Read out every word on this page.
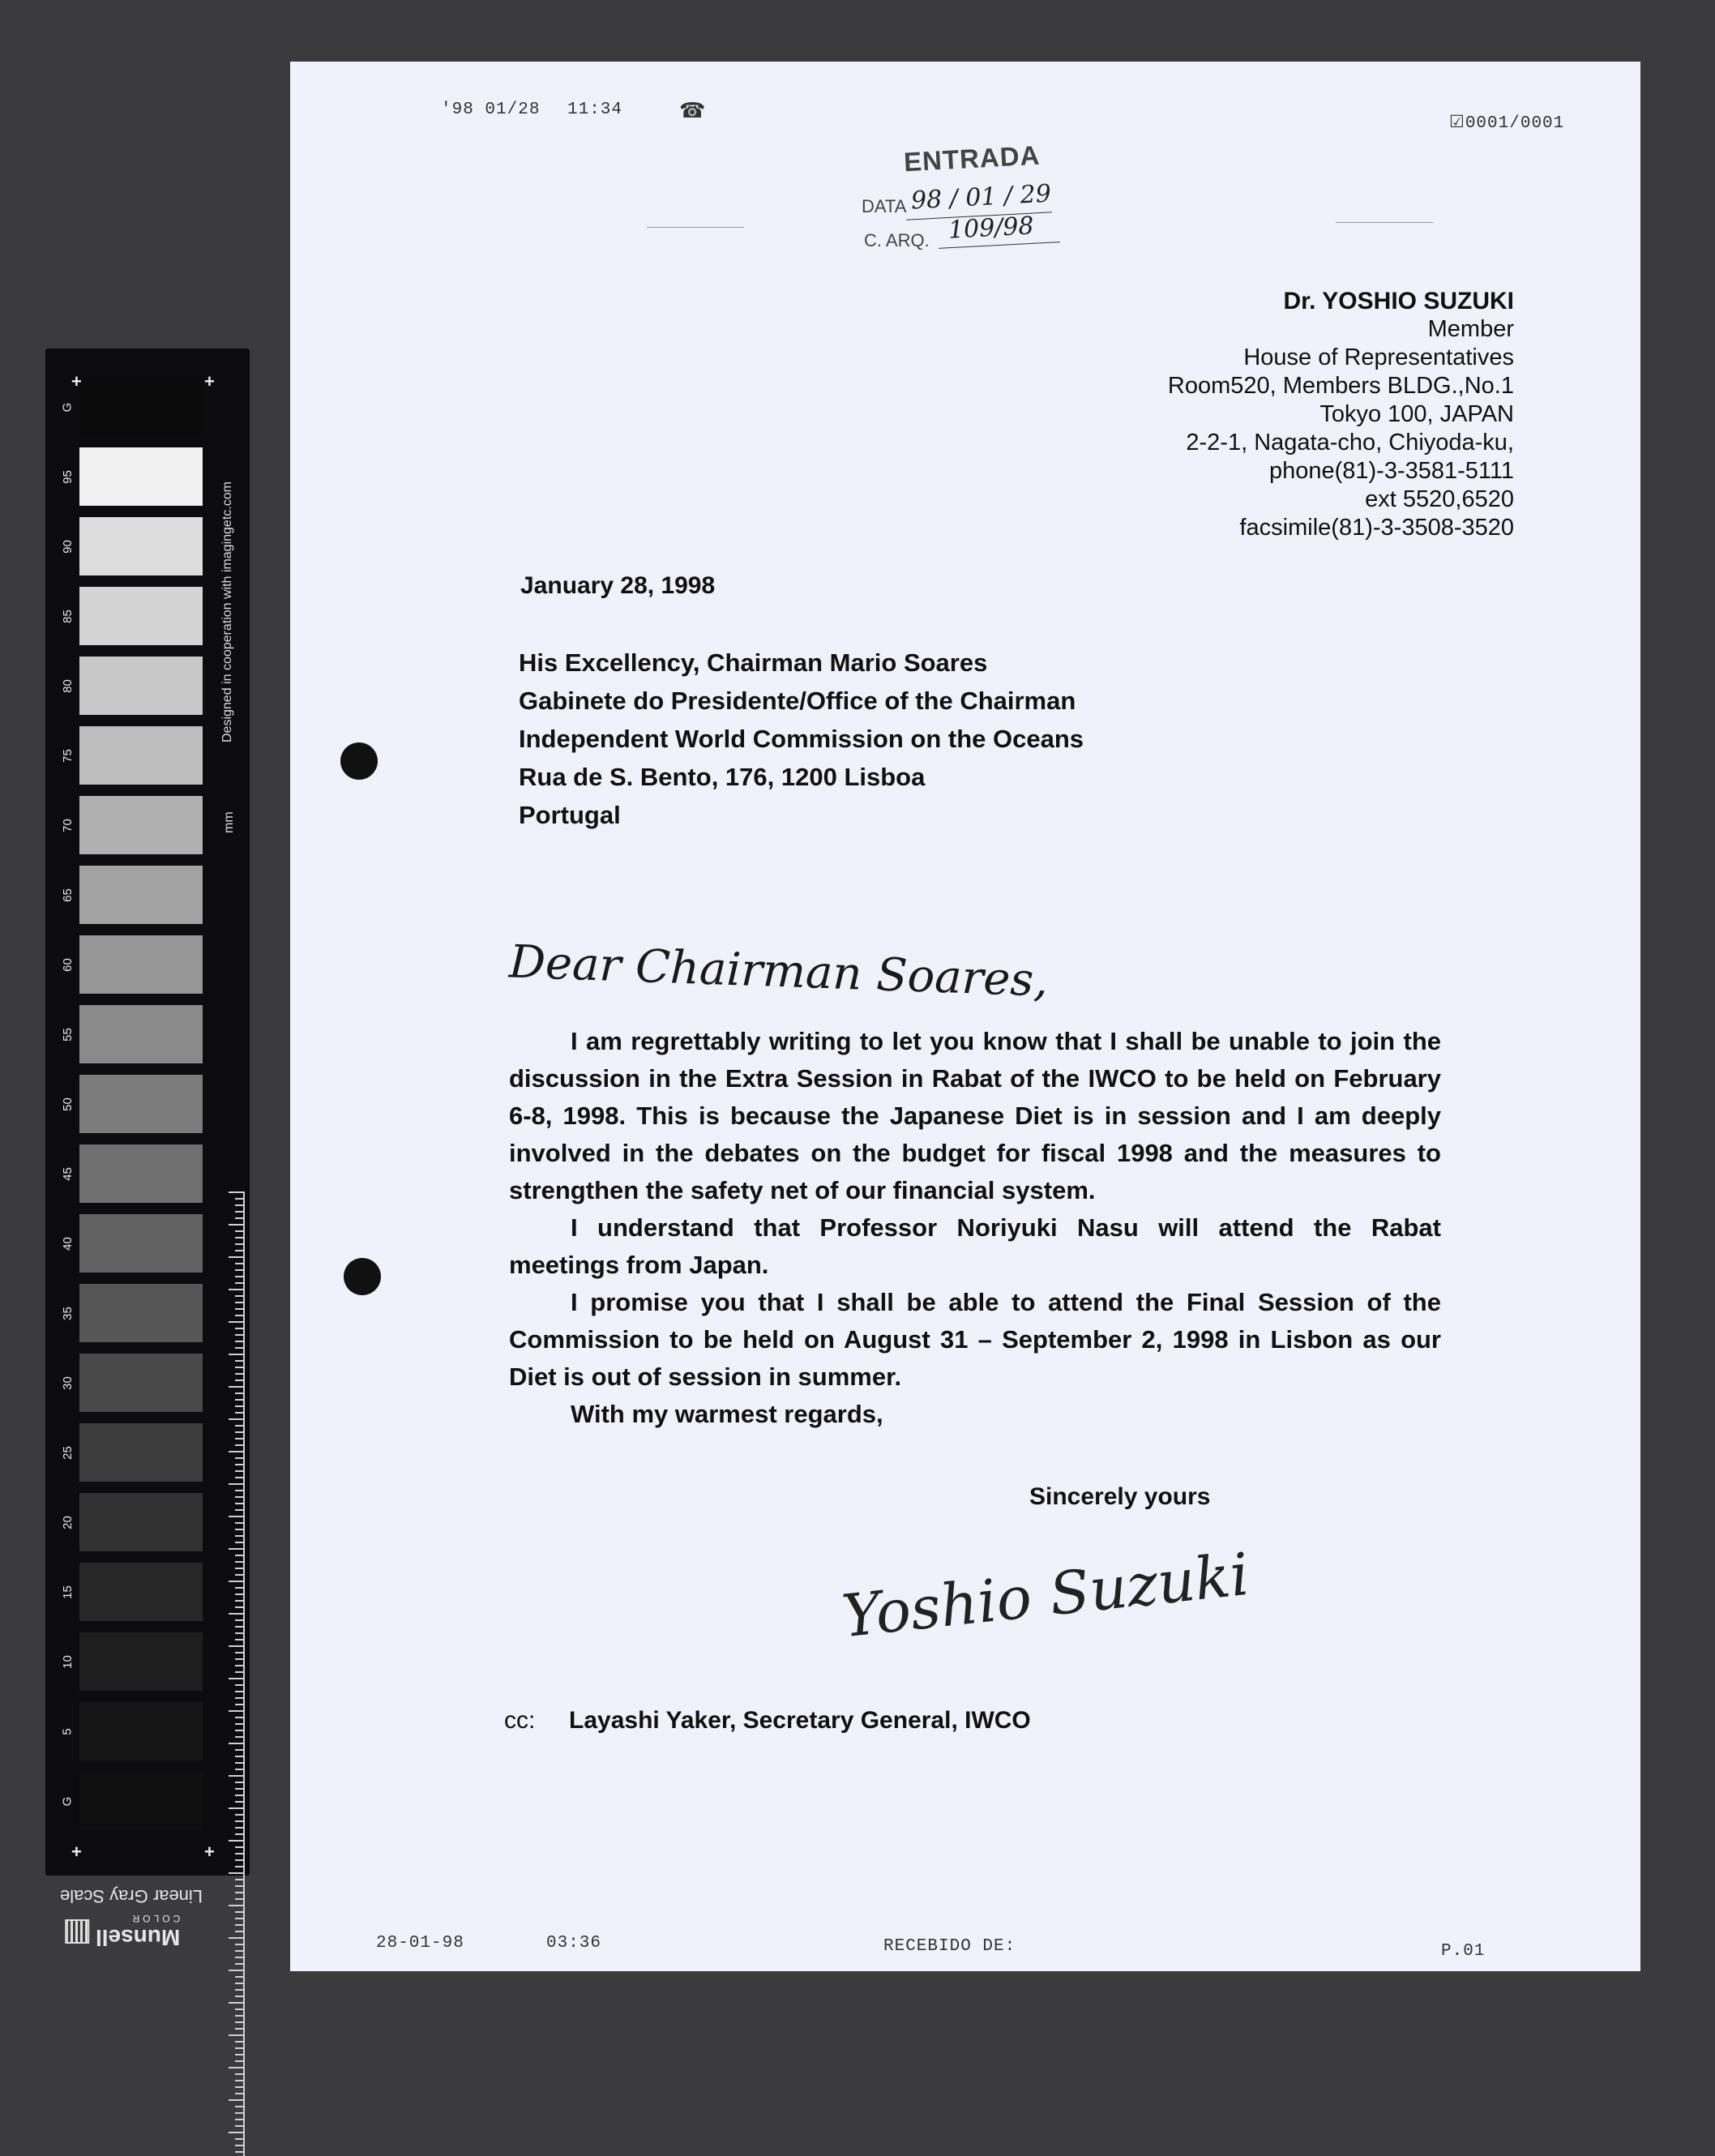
G
95
90
85
80
75
70
65
60
55
50
45
40
35
30
25
20
15
10
5
G
+	+
+	+
Designed in cooperation with imagingetc.com
mm
Linear Gray Scale
Munsell
COLOR
'98 01/28 11:34	☎	☑0001/0001
ENTRADA
DATA 98 / 01 / 29
C. ARQ. 109/98
Dr. YOSHIO SUZUKI
Member
House of Representatives
Room520, Members BLDG.,No.1
Tokyo 100, JAPAN
2-2-1, Nagata-cho, Chiyoda-ku,
phone(81)-3-3581-5111
ext 5520,6520
facsimile(81)-3-3508-3520
January 28, 1998
His Excellency, Chairman Mario Soares
Gabinete do Presidente/Office of the Chairman
Independent World Commission on the Oceans
Rua de S. Bento, 176, 1200 Lisboa
Portugal
Dear Chairman Soares,

I am regrettably writing to let you know that I shall be unable to join the discussion in the Extra Session in Rabat of the IWCO to be held on February 6-8, 1998. This is because the Japanese Diet is in session and I am deeply involved in the debates on the budget for fiscal 1998 and the measures to strengthen the safety net of our financial system.

I understand that Professor Noriyuki Nasu will attend the Rabat meetings from Japan.

I promise you that I shall be able to attend the Final Session of the Commission to be held on August 31 – September 2, 1998 in Lisbon as our Diet is out of session in summer.

With my warmest regards,

Sincerely yours
Yoshio Suzuki
cc: Layashi Yaker, Secretary General, IWCO
28-01-98	03:36	RECEBIDO DE:	P.01
